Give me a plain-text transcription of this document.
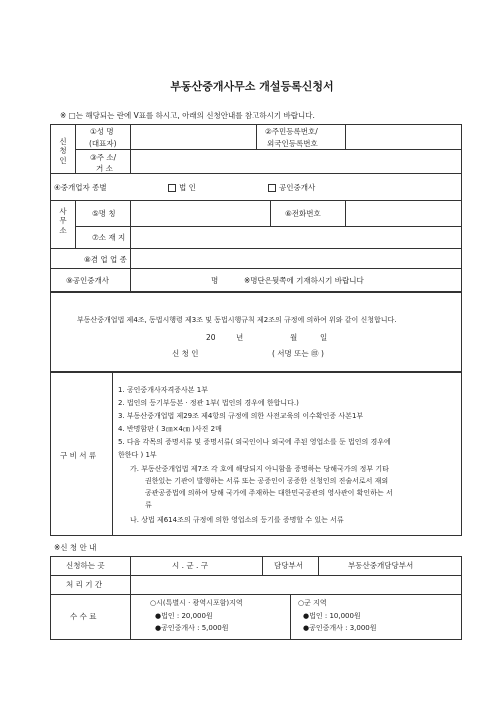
부동산중개사무소 개설등록신청서
※ □는 해당되는 란에 V표를 하시고, 아래의 신청안내를 참고하시기 바랍니다.
신
청
인
①성 명
(대표자)
②주민등록번호/
외국인등록번호
③주 소/
거 소
④중개업자 종별	법 인	공인중개사
사
무
소
⑤명 칭	⑥전화번호
⑦소 재 지
⑧겸 업 업 종
⑨공인중개사	명	※명단은뒷쪽에 기재하시기 바랍니다
부동산중개업법 제4조, 동법시행령 제3조 및 동법시행규칙 제2조의 규정에 의하여 위와 같이 신청합니다.
20	년	월	일
신 청 인	( 서명 또는 ㊞ )
구 비 서 류
1. 공인중개사자격증사본 1부
2. 법인의 등기부등본 · 정관 1부( 법인의 경우에 한합니다.)
3. 부동산중개업법 제29조 제4항의 규정에 의한 사전교육의 이수확인증 사본1부
4. 반명함판 ( 3㎝×4㎝ )사진 2매
5. 다음 각목의 증명서류 및 증명서류( 외국인이나 외국에 주된 영업소를 둔 법인의 경우에
한한다 ) 1부
가. 부동산중개업법 제7조 각 호에 해당되지 아니함을 증명하는 당해국가의 정부 기타
권한있는 기관이 발행하는 서류 또는 공증인이 공증한 신청인의 진술서로서 재외
공관공증법에 의하여 당해 국가에 주재하는 대한민국공관의 영사관이 확인하는 서
류
나. 상법 제614조의 규정에 의한 영업소의 등기를 증명할 수 있는 서류
※신 청 안 내
신청하는 곳	시 . 군 . 구	담당부서	부동산중개담당부서
처 리 기 간
수 수 료
○시(특별시 · 광역시포함)지역
●법인 : 20,000원
●공인중개사 : 5,000원
○군 지역
●법인 : 10,000원
●공인중개사 : 3,000원
